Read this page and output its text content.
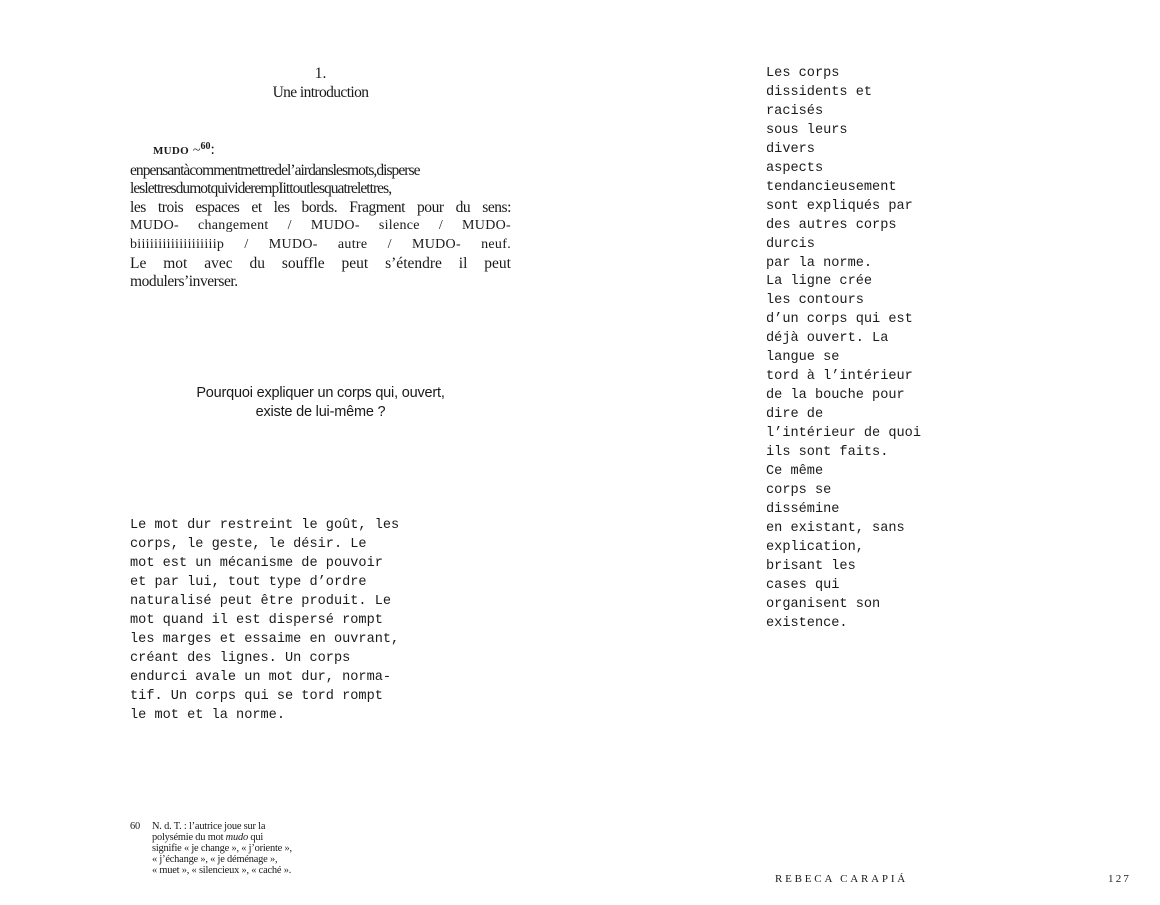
1.
Une introduction
MUDO ~$^{60}$:

enpensantàcommentmettredel’airdanslesmots,disperse
leslettresdumotquividerempIittoutlesquatrelettres,
les trois espaces et les bords. Fragment pour du sens:
MUDO- changement / MUDO- silence / MUDO-
biiiiiiiiiiiiiiiiiiip / MUDO- autre / MUDO- neuf.
Le mot avec du souffle peut s’étendre il peut
modulers’inverser.

Pourquoi expliquer un corps qui, ouvert,
existe de lui-même ?
Le mot dur restreint le goût, les
corps, le geste, le désir. Le
mot est un mécanisme de pouvoir
et par lui, tout type d’ordre
naturalisé peut être produit. Le
mot quand il est dispersé rompt
les marges et essaime en ouvrant,
créant des lignes. Un corps
endurci avale un mot dur, norma-
tif. Un corps qui se tord rompt
le mot et la norme.
60 N. d. T. : l’autrice joue sur la
polysémie du mot mudo qui
signifie « je change », « j’oriente »,
« j’échange », « je déménage »,
« muet », « silencieux », « caché ».
Les corps
dissidents et
racisés
sous leurs
divers
aspects
tendancieusement
sont expliqués par
des autres corps
durcis
par la norme.
La ligne crée
les contours
d’un corps qui est
déjà ouvert. La
langue se
tord à l’intérieur
de la bouche pour
dire de
l’intérieur de quoi
ils sont faits.
Ce même
corps se
dissémine
en existant, sans
explication,
brisant les
cases qui
organisent son
existence.
REBECA CARAPIÁ	127
